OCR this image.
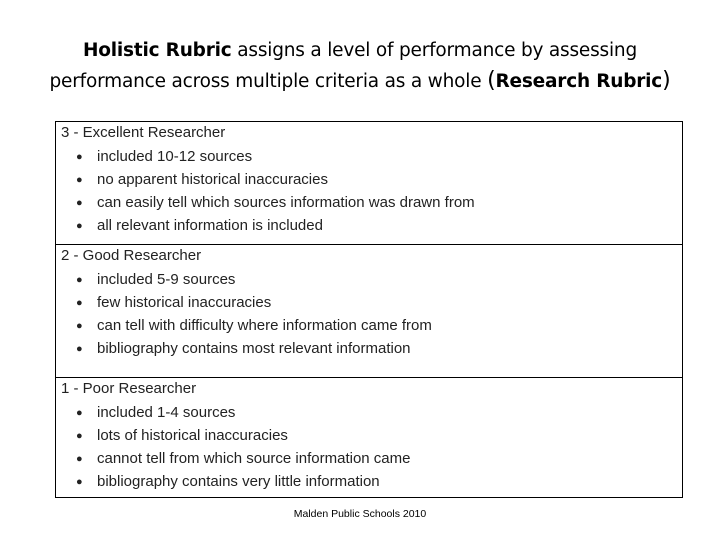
Holistic Rubric assigns a level of performance by assessing
performance across multiple criteria as a whole (Research Rubric)
3 - Excellent Researcher
● included 10-12 sources
● no apparent historical inaccuracies
● can easily tell which sources information was drawn from
● all relevant information is included
2 - Good Researcher
● included 5-9 sources
● few historical inaccuracies
● can tell with difficulty where information came from
● bibliography contains most relevant information
1 - Poor Researcher
● included 1-4 sources
● lots of historical inaccuracies
● cannot tell from which source information came
● bibliography contains very little information
Malden Public Schools 2010
